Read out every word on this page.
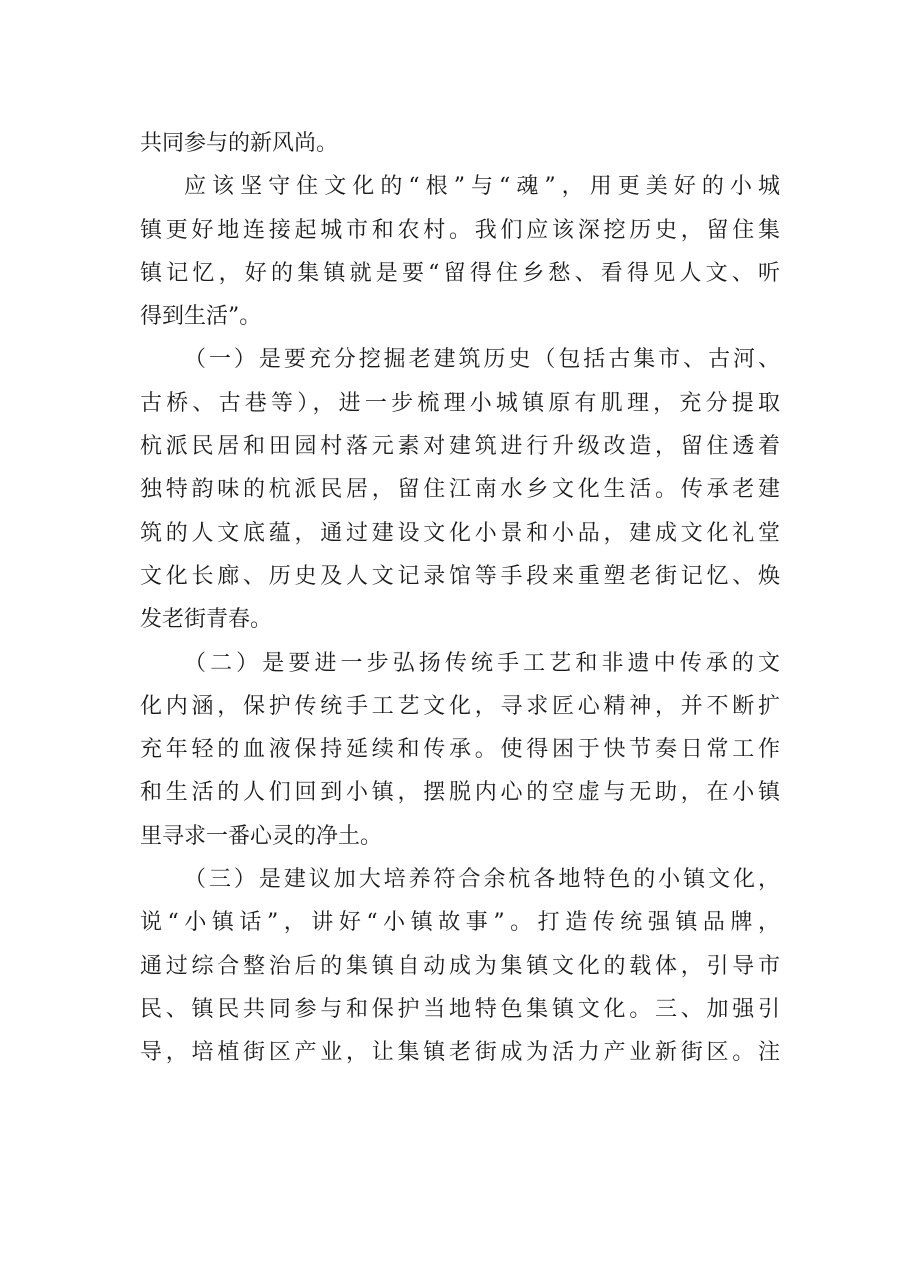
共同参与的新风尚。
应该坚守住文化的“根”与“魂”，用更美好的小城
镇更好地连接起城市和农村。我们应该深挖历史，留住集
镇记忆，好的集镇就是要“留得住乡愁、看得见人文、听
得到生活”。
（一）是要充分挖掘老建筑历史（包括古集市、古河、
古桥、古巷等），进一步梳理小城镇原有肌理，充分提取
杭派民居和田园村落元素对建筑进行升级改造，留住透着
独特韵味的杭派民居，留住江南水乡文化生活。传承老建
筑的人文底蕴，通过建设文化小景和小品，建成文化礼堂
文化长廊、历史及人文记录馆等手段来重塑老街记忆、焕
发老街青春。
（二）是要进一步弘扬传统手工艺和非遗中传承的文
化内涵，保护传统手工艺文化，寻求匠心精神，并不断扩
充年轻的血液保持延续和传承。使得困于快节奏日常工作
和生活的人们回到小镇，摆脱内心的空虚与无助，在小镇
里寻求一番心灵的净土。
（三）是建议加大培养符合余杭各地特色的小镇文化，
说“小镇话”，讲好“小镇故事”。打造传统强镇品牌，
通过综合整治后的集镇自动成为集镇文化的载体，引导市
民、镇民共同参与和保护当地特色集镇文化。三、加强引
导，培植街区产业，让集镇老街成为活力产业新街区。注
